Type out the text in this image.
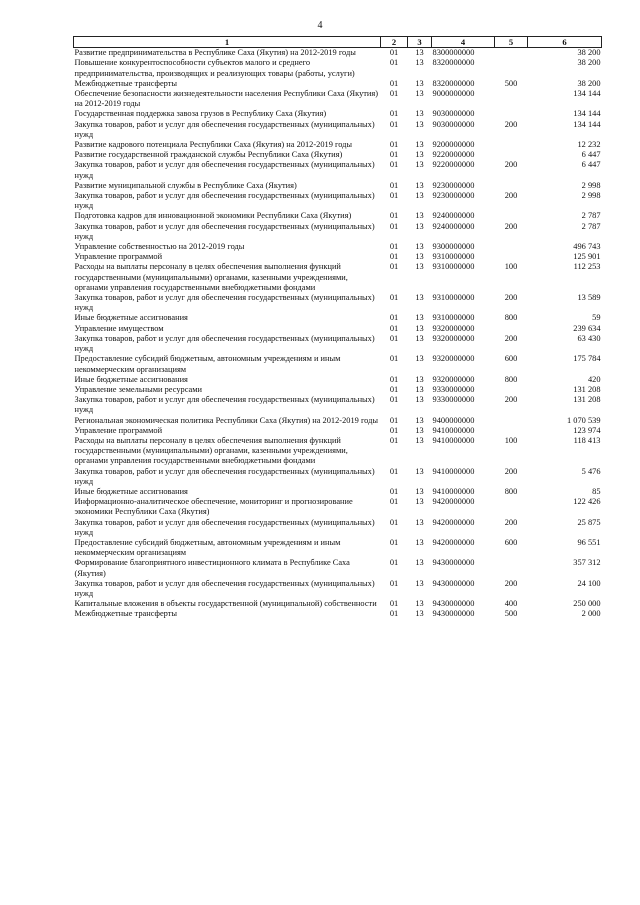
4
1	2	3	4	5	6
Развитие предпринимательства в Республике Саха (Якутия) на 2012-2019 годы	01	13	8300000000		38 200
Повышение конкурентоспособности субъектов малого и среднего предпринимательства, производящих и реализующих товары (работы, услуги)	01	13	8320000000		38 200
Межбюджетные трансферты	01	13	8320000000	500	38 200
Обеспечение безопасности жизнедеятельности населения Республики Саха (Якутия) на 2012-2019 годы	01	13	9000000000		134 144
Государственная поддержка завоза грузов в Республику Саха (Якутия)	01	13	9030000000		134 144
Закупка товаров, работ и услуг для обеспечения государственных (муниципальных) нужд	01	13	9030000000	200	134 144
Развитие кадрового потенциала Республики Саха (Якутия) на 2012-2019 годы	01	13	9200000000		12 232
Развитие государственной гражданской службы Республики Саха (Якутия)	01	13	9220000000		6 447
Закупка товаров, работ и услуг для обеспечения государственных (муниципальных) нужд	01	13	9220000000	200	6 447
Развитие муниципальной службы в Республике Саха (Якутия)	01	13	9230000000		2 998
Закупка товаров, работ и услуг для обеспечения государственных (муниципальных) нужд	01	13	9230000000	200	2 998
Подготовка кадров для инновационной экономики Республики Саха (Якутия)	01	13	9240000000		2 787
Закупка товаров, работ и услуг для обеспечения государственных (муниципальных) нужд	01	13	9240000000	200	2 787
Управление собственностью на 2012-2019 годы	01	13	9300000000		496 743
Управление программой	01	13	9310000000		125 901
Расходы на выплаты персоналу в целях обеспечения выполнения функций государственными (муниципальными) органами, казенными учреждениями, органами управления государственными внебюджетными фондами	01	13	9310000000	100	112 253
Закупка товаров, работ и услуг для обеспечения государственных (муниципальных) нужд	01	13	9310000000	200	13 589
Иные бюджетные ассигнования	01	13	9310000000	800	59
Управление имуществом	01	13	9320000000		239 634
Закупка товаров, работ и услуг для обеспечения государственных (муниципальных) нужд	01	13	9320000000	200	63 430
Предоставление субсидий бюджетным, автономным учреждениям и иным некоммерческим организациям	01	13	9320000000	600	175 784
Иные бюджетные ассигнования	01	13	9320000000	800	420
Управление земельными ресурсами	01	13	9330000000		131 208
Закупка товаров, работ и услуг для обеспечения государственных (муниципальных) нужд	01	13	9330000000	200	131 208
Региональная экономическая политика Республики Саха (Якутия) на 2012-2019 годы	01	13	9400000000		1 070 539
Управление программой	01	13	9410000000		123 974
Расходы на выплаты персоналу в целях обеспечения выполнения функций государственными (муниципальными) органами, казенными учреждениями, органами управления государственными внебюджетными фондами	01	13	9410000000	100	118 413
Закупка товаров, работ и услуг для обеспечения государственных (муниципальных) нужд	01	13	9410000000	200	5 476
Иные бюджетные ассигнования	01	13	9410000000	800	85
Информационно-аналитическое обеспечение, мониторинг и прогнозирование экономики Республики Саха (Якутия)	01	13	9420000000		122 426
Закупка товаров, работ и услуг для обеспечения государственных (муниципальных) нужд	01	13	9420000000	200	25 875
Предоставление субсидий бюджетным, автономным учреждениям и иным некоммерческим организациям	01	13	9420000000	600	96 551
Формирование благоприятного инвестиционного климата в Республике Саха (Якутия)	01	13	9430000000		357 312
Закупка товаров, работ и услуг для обеспечения государственных (муниципальных) нужд	01	13	9430000000	200	24 100
Капитальные вложения в объекты государственной (муниципальной) собственности	01	13	9430000000	400	250 000
Межбюджетные трансферты	01	13	9430000000	500	2 000
